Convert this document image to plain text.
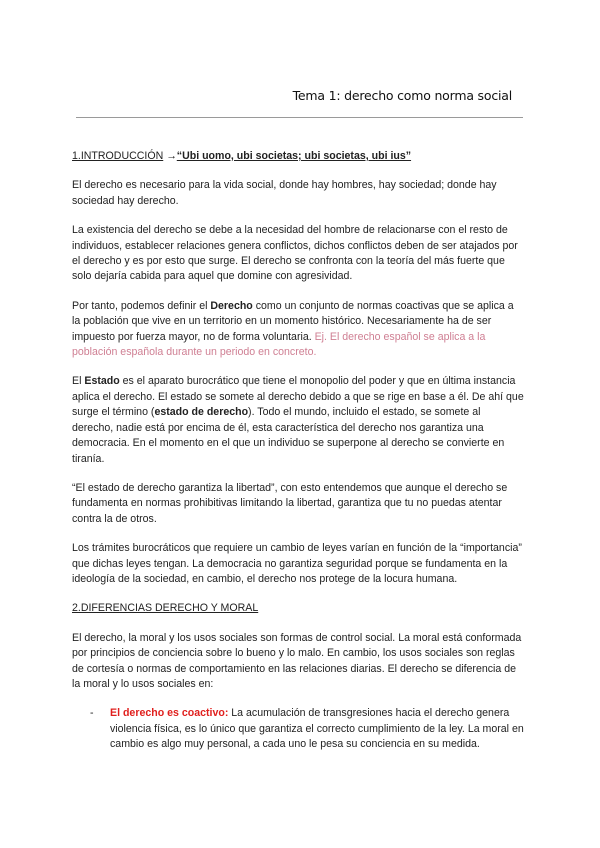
Tema 1: derecho como norma social
1.INTRODUCCIÓN →“Ubi uomo, ubi societas; ubi societas, ubi ius”

El derecho es necesario para la vida social, donde hay hombres, hay sociedad; donde hay sociedad hay derecho.

La existencia del derecho se debe a la necesidad del hombre de relacionarse con el resto de individuos, establecer relaciones genera conflictos, dichos conflictos deben de ser atajados por el derecho y es por esto que surge. El derecho se confronta con la teoría del más fuerte que solo dejaría cabida para aquel que domine con agresividad.

Por tanto, podemos definir el Derecho como un conjunto de normas coactivas que se aplica a la población que vive en un territorio en un momento histórico. Necesariamente ha de ser impuesto por fuerza mayor, no de forma voluntaria. Ej. El derecho español se aplica a la población española durante un periodo en concreto.

El Estado es el aparato burocrático que tiene el monopolio del poder y que en última instancia aplica el derecho. El estado se somete al derecho debido a que se rige en base a él. De ahí que surge el término (estado de derecho). Todo el mundo, incluido el estado, se somete al derecho, nadie está por encima de él, esta característica del derecho nos garantiza una democracia. En el momento en el que un individuo se superpone al derecho se convierte en tiranía.

“El estado de derecho garantiza la libertad”, con esto entendemos que aunque el derecho se fundamenta en normas prohibitivas limitando la libertad, garantiza que tu no puedas atentar contra la de otros.

Los trámites burocráticos que requiere un cambio de leyes varían en función de la “importancia” que dichas leyes tengan. La democracia no garantiza seguridad porque se fundamenta en la ideología de la sociedad, en cambio, el derecho nos protege de la locura humana.

2.DIFERENCIAS DERECHO Y MORAL

El derecho, la moral y los usos sociales son formas de control social. La moral está conformada por principios de conciencia sobre lo bueno y lo malo. En cambio, los usos sociales son reglas de cortesía o normas de comportamiento en las relaciones diarias. El derecho se diferencia de la moral y lo usos sociales en:

- El derecho es coactivo: La acumulación de transgresiones hacia el derecho genera violencia física, es lo único que garantiza el correcto cumplimiento de la ley. La moral en cambio es algo muy personal, a cada uno le pesa su conciencia en su medida.
